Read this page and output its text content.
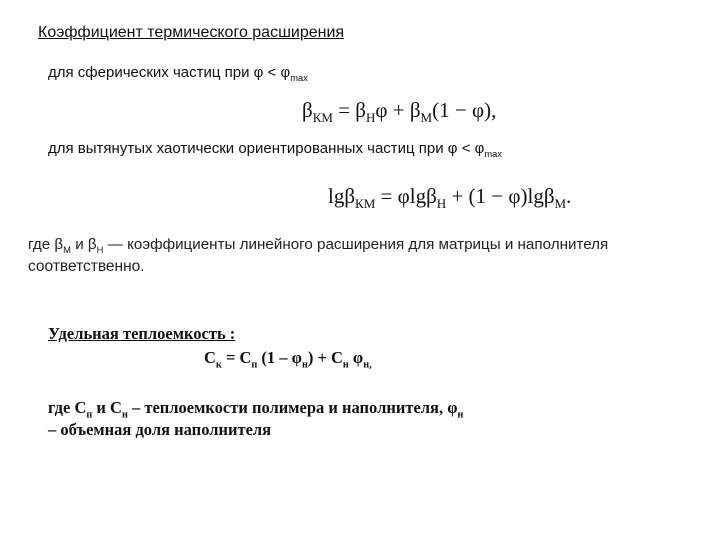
Коэффициент термического расширения
для сферических частиц при $\varphi < \varphi_{max}$
$\beta_{КМ} = \beta_Н\varphi + \beta_М(1 - \varphi)$,
для вытянутых хаотически ориентированных частиц при $\varphi < \varphi_{max}$
lgβ$_{КМ}$ = φlgβ$_Н$ + (1 − φ)lgβ$_М$.
где $\beta_М$ и $\beta_Н$ — коэффициенты линейного расширения для матрицы и наполнителя
соответственно.
Удельная теплоемкость :
$C_к = C_п$ $(1 - \varphi_н) + C_н$ $\varphi_{н,}$
где $C_п$ и $C_н$ – теплоемкости полимера и наполнителя, $\varphi_н$
– объемная доля наполнителя
